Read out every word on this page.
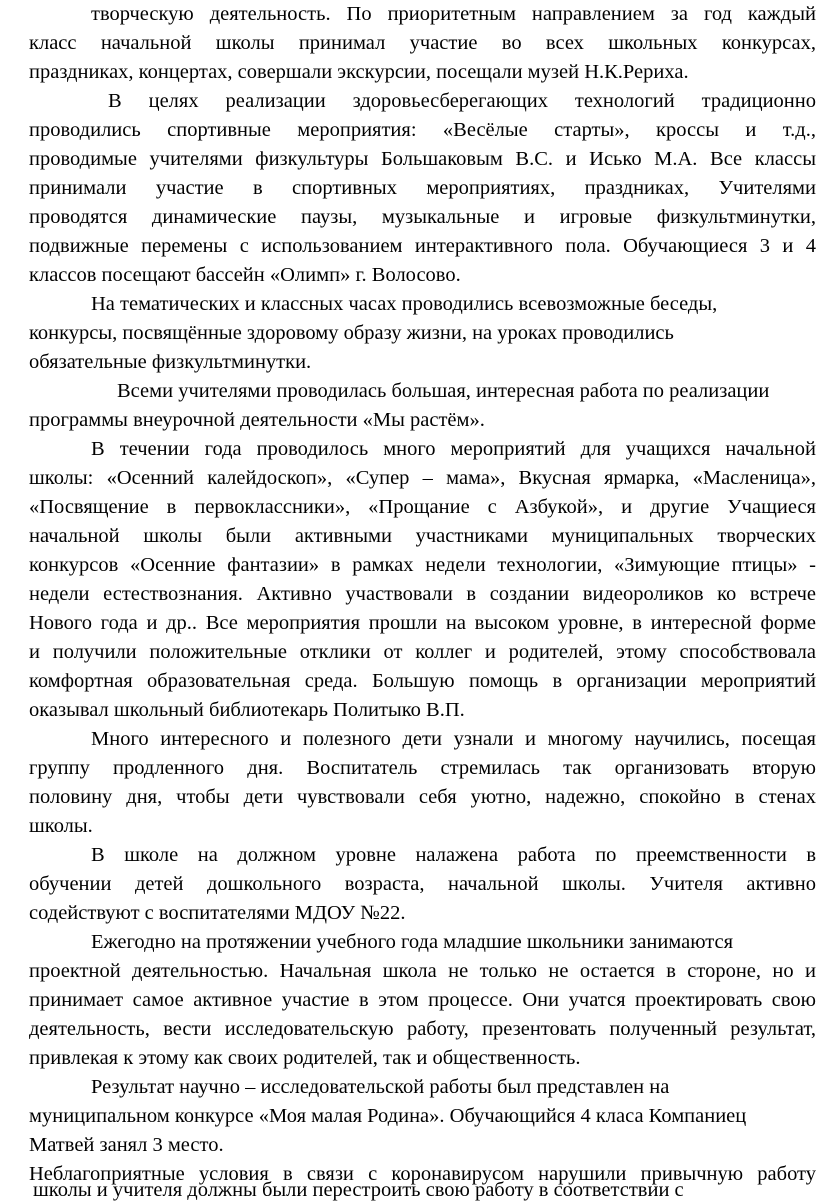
творческую деятельность. По приоритетным направлением за год каждый
класс начальной школы принимал участие во всех школьных конкурсах,
праздниках, концертах, совершали экскурсии, посещали музей Н.К.Рериха.
В целях реализации здоровьесберегающих технологий традиционно
проводились спортивные мероприятия: «Весёлые старты», кроссы и т.д.,
проводимые учителями физкультуры Большаковым В.С. и Исько М.А. Все классы
принимали участие в спортивных мероприятиях, праздниках, Учителями
проводятся динамические паузы, музыкальные и игровые физкультминутки,
подвижные перемены с использованием интерактивного пола. Обучающиеся 3 и 4
классов посещают бассейн «Олимп» г. Волосово.
На тематических и классных часах проводились всевозможные беседы,
конкурсы, посвящённые здоровому образу жизни, на уроках проводились
обязательные физкультминутки.
Всеми учителями проводилась большая, интересная работа по реализации
программы внеурочной деятельности «Мы растём».
В течении года проводилось много мероприятий для учащихся начальной
школы: «Осенний калейдоскоп», «Супер – мама», Вкусная ярмарка, «Масленица»,
«Посвящение в первоклассники», «Прощание с Азбукой», и другие Учащиеся
начальной школы были активными участниками муниципальных творческих
конкурсов «Осенние фантазии» в рамках недели технологии, «Зимующие птицы» -
недели естествознания. Активно участвовали в создании видеороликов ко встрече
Нового года и др.. Все мероприятия прошли на высоком уровне, в интересной форме
и получили положительные отклики от коллег и родителей, этому способствовала
комфортная образовательная среда. Большую помощь в организации мероприятий
оказывал школьный библиотекарь Политыко В.П.
Много интересного и полезного дети узнали и многому научились, посещая
группу продленного дня. Воспитатель стремилась так организовать вторую
половину дня, чтобы дети чувствовали себя уютно, надежно, спокойно в стенах
школы.
В школе на должном уровне налажена работа по преемственности в
обучении детей дошкольного возраста, начальной школы. Учителя активно
содействуют с воспитателями МДОУ №22.
Ежегодно на протяжении учебного года младшие школьники занимаются
проектной деятельностью. Начальная школа не только не остается в стороне, но и
принимает самое активное участие в этом процессе. Они учатся проектировать свою
деятельность, вести исследовательскую работу, презентовать полученный результат,
привлекая к этому как своих родителей, так и общественность.
Результат научно – исследовательской работы был представлен на
муниципальном конкурсе «Моя малая Родина». Обучающийся 4 класа Компаниец
Матвей занял 3 место.
Неблагоприятные условия в связи с коронавирусом нарушили привычную работу
школы и учителя должны были перестроить свою работу в соответствии с
